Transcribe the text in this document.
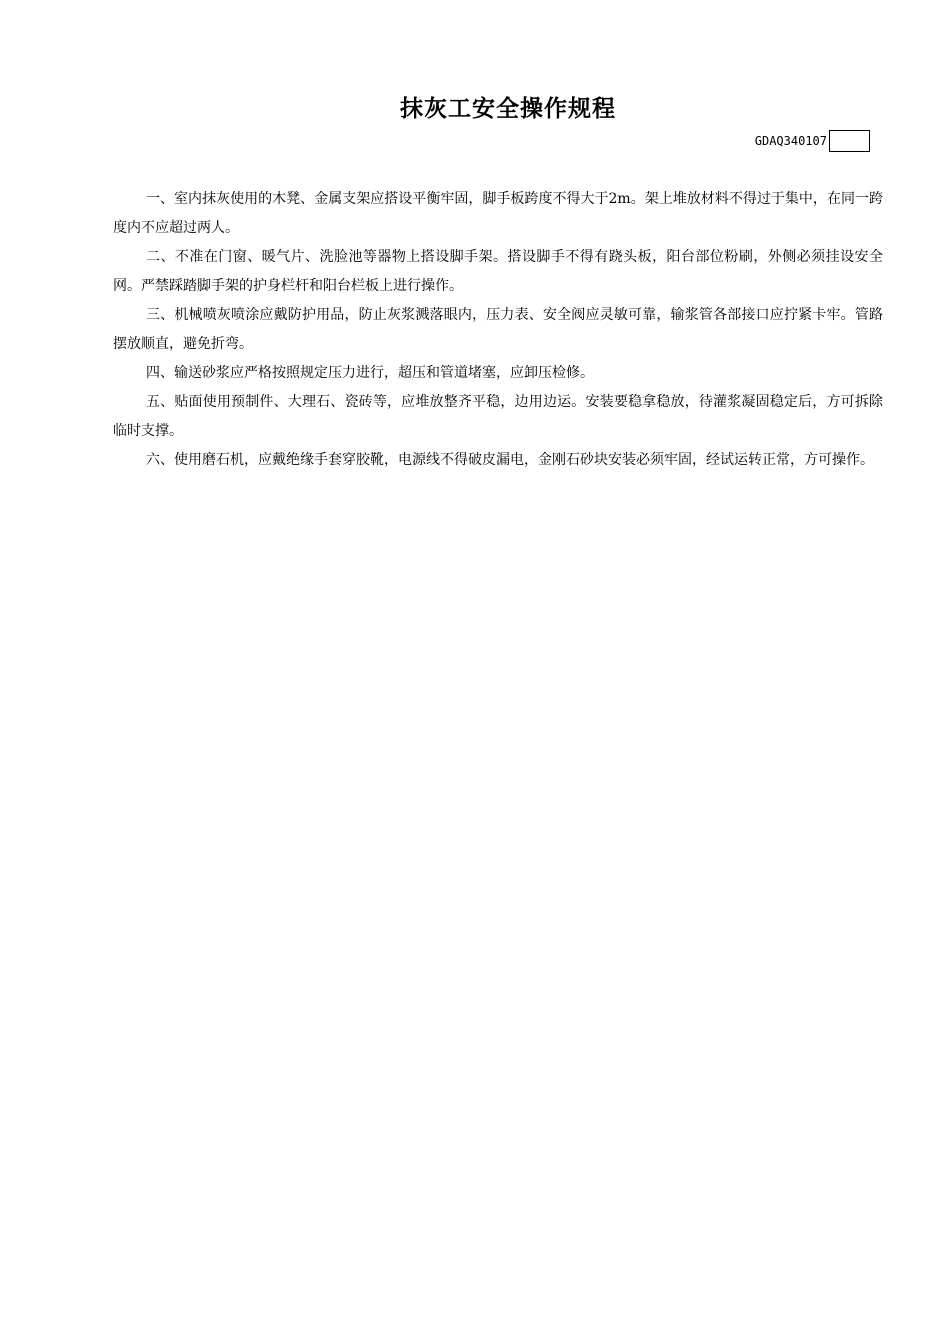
抹灰工安全操作规程
GDAQ340107

一、室内抹灰使用的木凳、金属支架应搭设平衡牢固，脚手板跨度不得大于2m。架上堆放材料不得过于集中，在同一跨度内不应超过两人。

二、不准在门窗、暖气片、洗脸池等器物上搭设脚手架。搭设脚手不得有跷头板，阳台部位粉刷，外侧必须挂设安全网。严禁踩踏脚手架的护身栏杆和阳台栏板上进行操作。

三、机械喷灰喷涂应戴防护用品，防止灰浆溅落眼内，压力表、安全阀应灵敏可靠，输浆管各部接口应拧紧卡牢。管路摆放顺直，避免折弯。

四、输送砂浆应严格按照规定压力进行，超压和管道堵塞，应卸压检修。

五、贴面使用预制件、大理石、瓷砖等，应堆放整齐平稳，边用边运。安装要稳拿稳放，待灌浆凝固稳定后，方可拆除临时支撑。

六、使用磨石机，应戴绝缘手套穿胶靴，电源线不得破皮漏电，金刚石砂块安装必须牢固，经试运转正常，方可操作。
